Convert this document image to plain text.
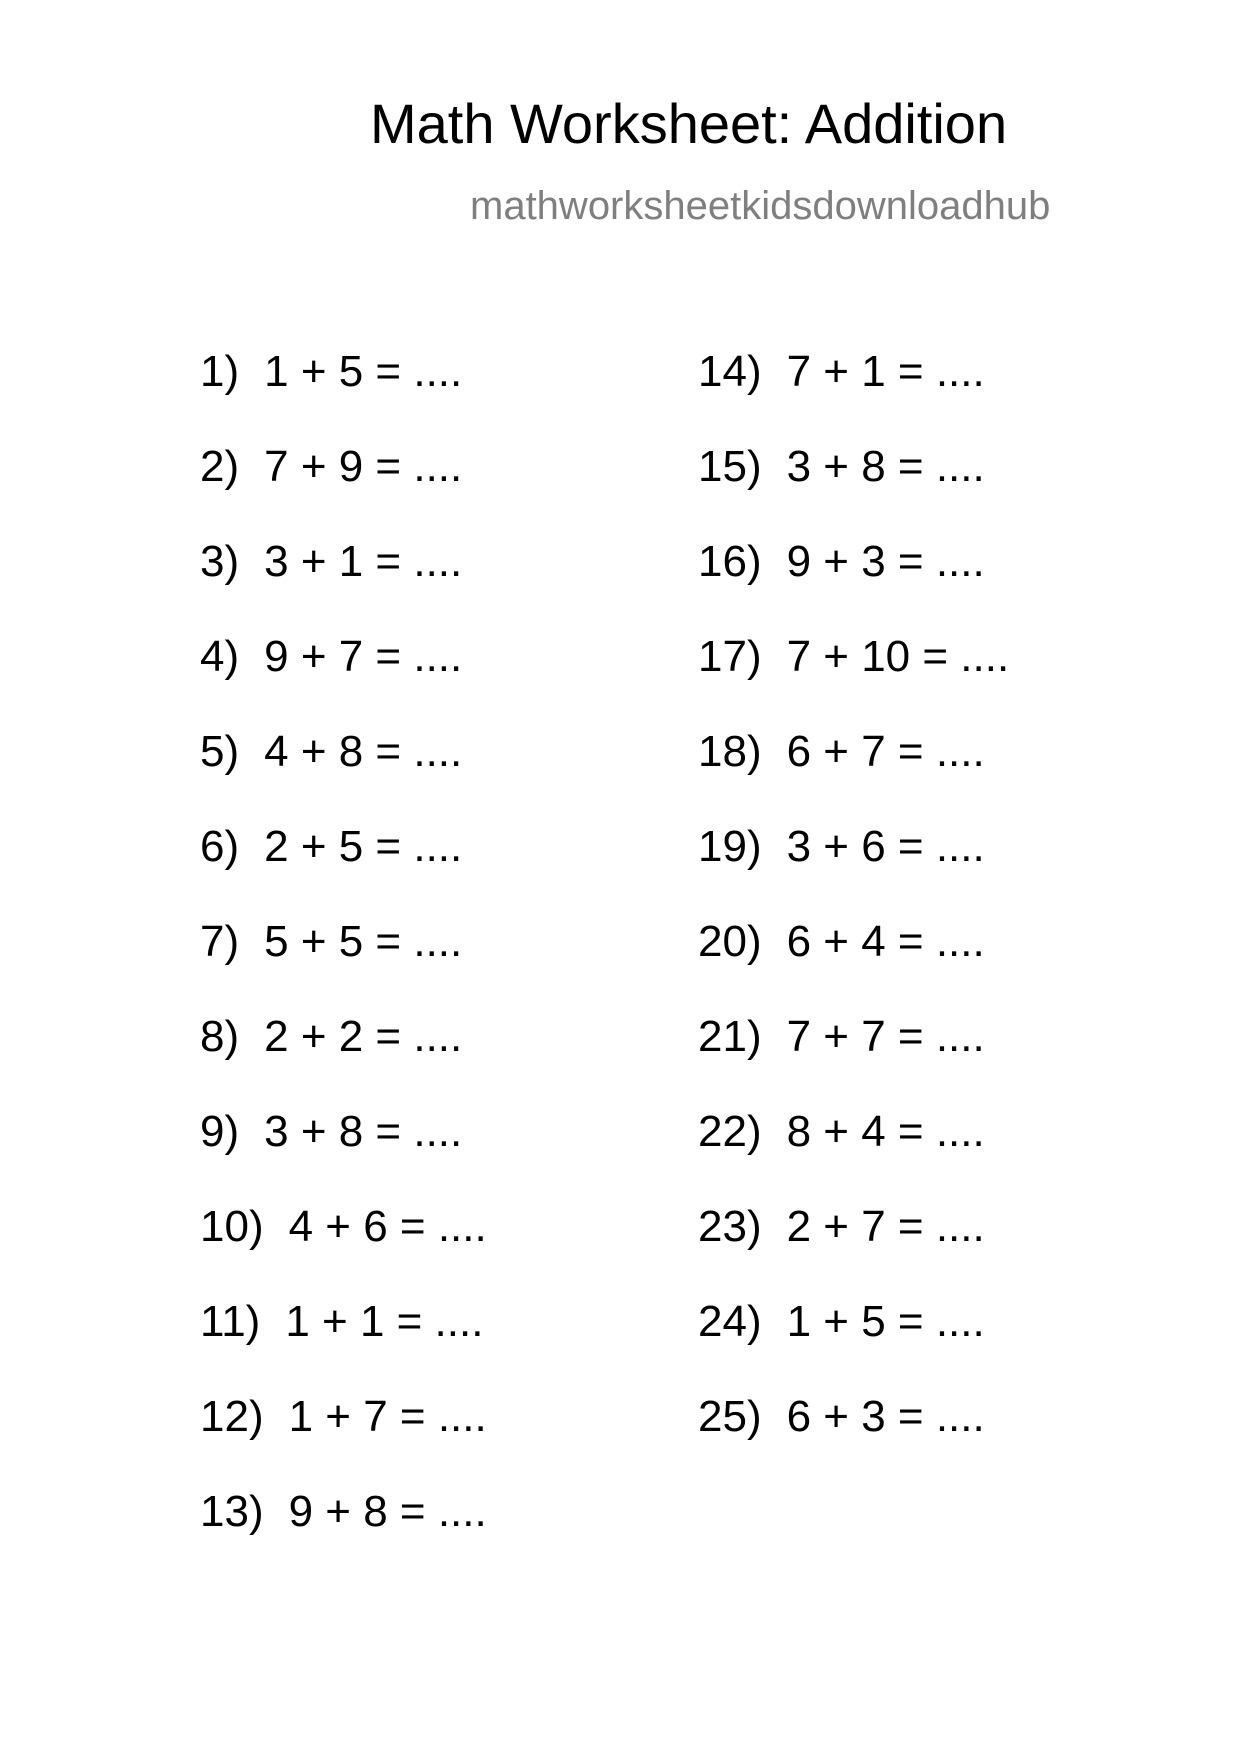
Math Worksheet: Addition
mathworksheetkidsdownloadhub
1) 1 + 5 = ....
2) 7 + 9 = ....
3) 3 + 1 = ....
4) 9 + 7 = ....
5) 4 + 8 = ....
6) 2 + 5 = ....
7) 5 + 5 = ....
8) 2 + 2 = ....
9) 3 + 8 = ....
10) 4 + 6 = ....
11) 1 + 1 = ....
12) 1 + 7 = ....
13) 9 + 8 = ....
14) 7 + 1 = ....
15) 3 + 8 = ....
16) 9 + 3 = ....
17) 7 + 10 = ....
18) 6 + 7 = ....
19) 3 + 6 = ....
20) 6 + 4 = ....
21) 7 + 7 = ....
22) 8 + 4 = ....
23) 2 + 7 = ....
24) 1 + 5 = ....
25) 6 + 3 = ....
